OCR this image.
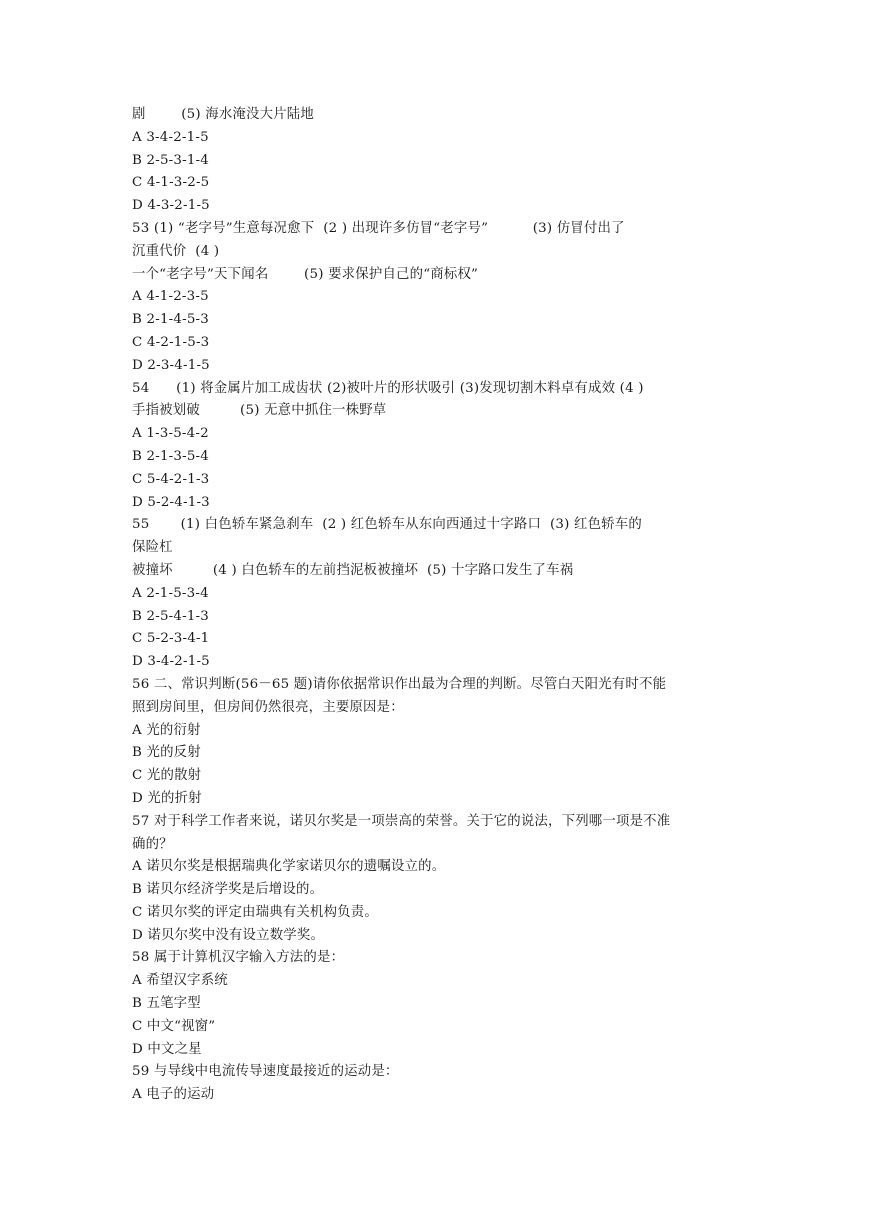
剧        (5) 海水淹没大片陆地
A 3-4-2-1-5
B 2-5-3-1-4
C 4-1-3-2-5
D 4-3-2-1-5
53 (1) “老字号”生意每况愈下  (2 ) 出现许多仿冒“老字号”          (3) 仿冒付出了
沉重代价  (4 )
一个“老字号”天下闻名        (5) 要求保护自己的“商标权”
A 4-1-2-3-5
B 2-1-4-5-3
C 4-2-1-5-3
D 2-3-4-1-5
54      (1) 将金属片加工成齿状 (2)被叶片的形状吸引 (3)发现切割木料卓有成效 (4 )
手指被划破         (5) 无意中抓住一株野草
A 1-3-5-4-2
B 2-1-3-5-4
C 5-4-2-1-3
D 5-2-4-1-3
55       (1) 白色轿车紧急刹车  (2 ) 红色轿车从东向西通过十字路口  (3) 红色轿车的
保险杠
被撞坏         (4 ) 白色轿车的左前挡泥板被撞坏  (5) 十字路口发生了车祸
A 2-1-5-3-4
B 2-5-4-1-3
C 5-2-3-4-1
D 3-4-2-1-5
56 二、常识判断(56－65 题)请你依据常识作出最为合理的判断。尽管白天阳光有时不能
照到房间里，但房间仍然很亮，主要原因是：
A 光的衍射
B 光的反射
C 光的散射
D 光的折射
57 对于科学工作者来说，诺贝尔奖是一项崇高的荣誉。关于它的说法，下列哪一项是不准
确的？
A 诺贝尔奖是根据瑞典化学家诺贝尔的遗嘱设立的。
B 诺贝尔经济学奖是后增设的。
C 诺贝尔奖的评定由瑞典有关机构负责。
D 诺贝尔奖中没有设立数学奖。
58 属于计算机汉字输入方法的是：
A 希望汉字系统
B 五笔字型
C 中文“视窗”
D 中文之星
59 与导线中电流传导速度最接近的运动是：
A 电子的运动
